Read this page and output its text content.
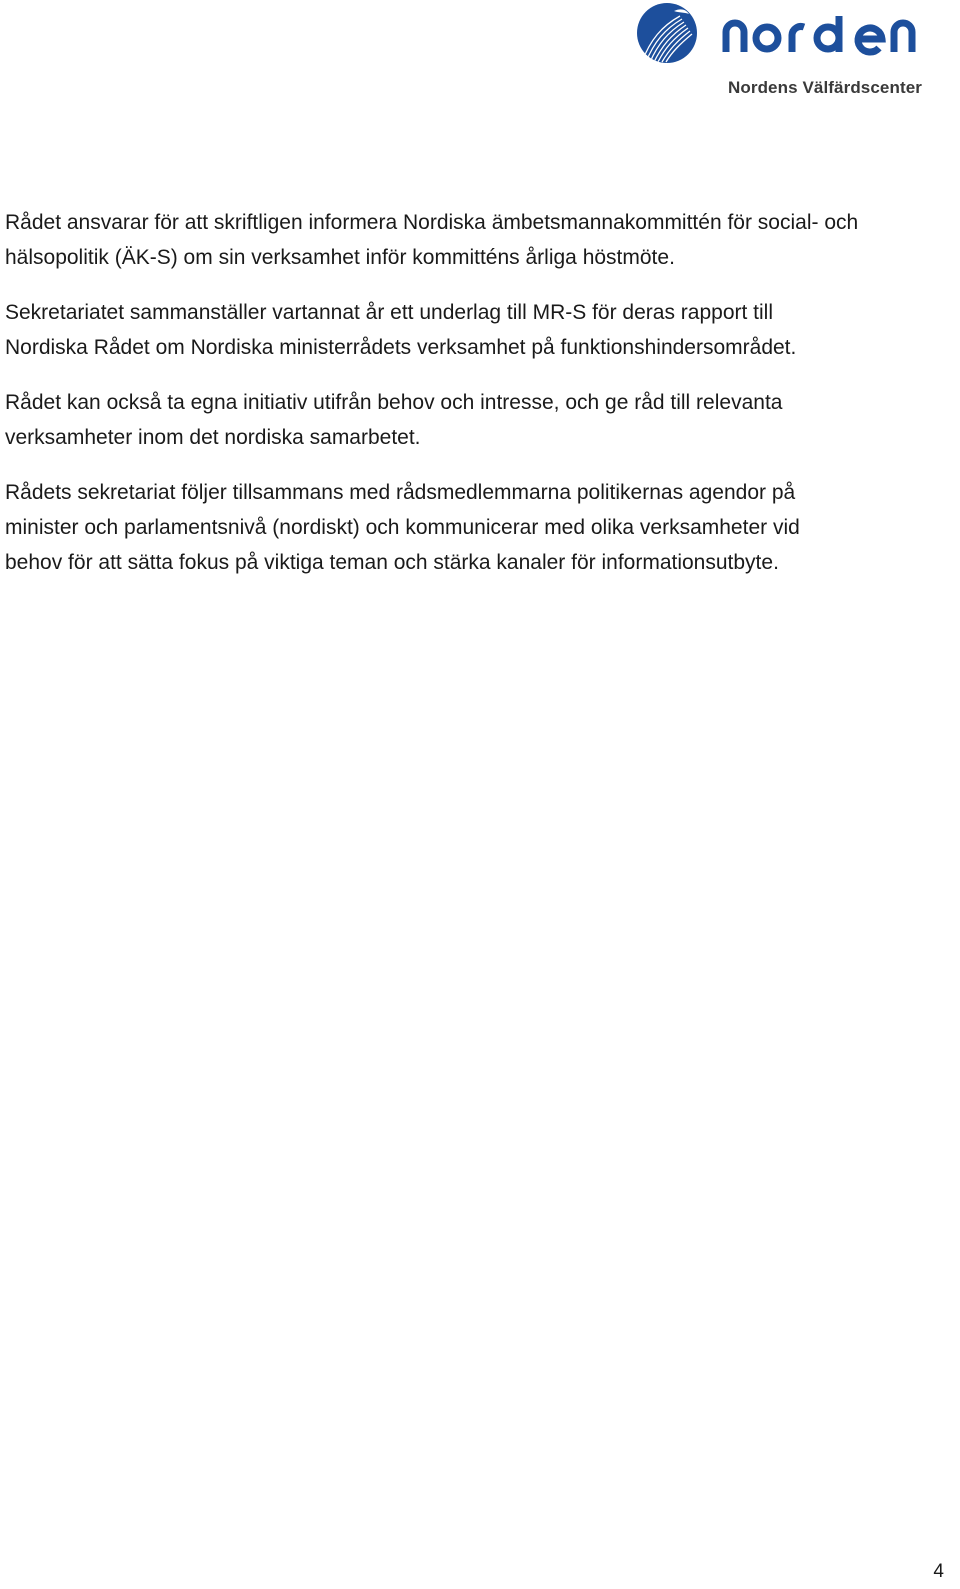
Nordens Välfärdscenter

Rådet ansvarar för att skriftligen informera Nordiska ämbetsmannakommittén för social- och
hälsopolitik (ÄK-S) om sin verksamhet inför kommitténs årliga höstmöte.

Sekretariatet sammanställer vartannat år ett underlag till MR-S för deras rapport till
Nordiska Rådet om Nordiska ministerrådets verksamhet på funktionshindersområdet.

Rådet kan också ta egna initiativ utifrån behov och intresse, och ge råd till relevanta
verksamheter inom det nordiska samarbetet.

Rådets sekretariat följer tillsammans med rådsmedlemmarna politikernas agendor på
minister och parlamentsnivå (nordiskt) och kommunicerar med olika verksamheter vid
behov för att sätta fokus på viktiga teman och stärka kanaler för informationsutbyte.

4
